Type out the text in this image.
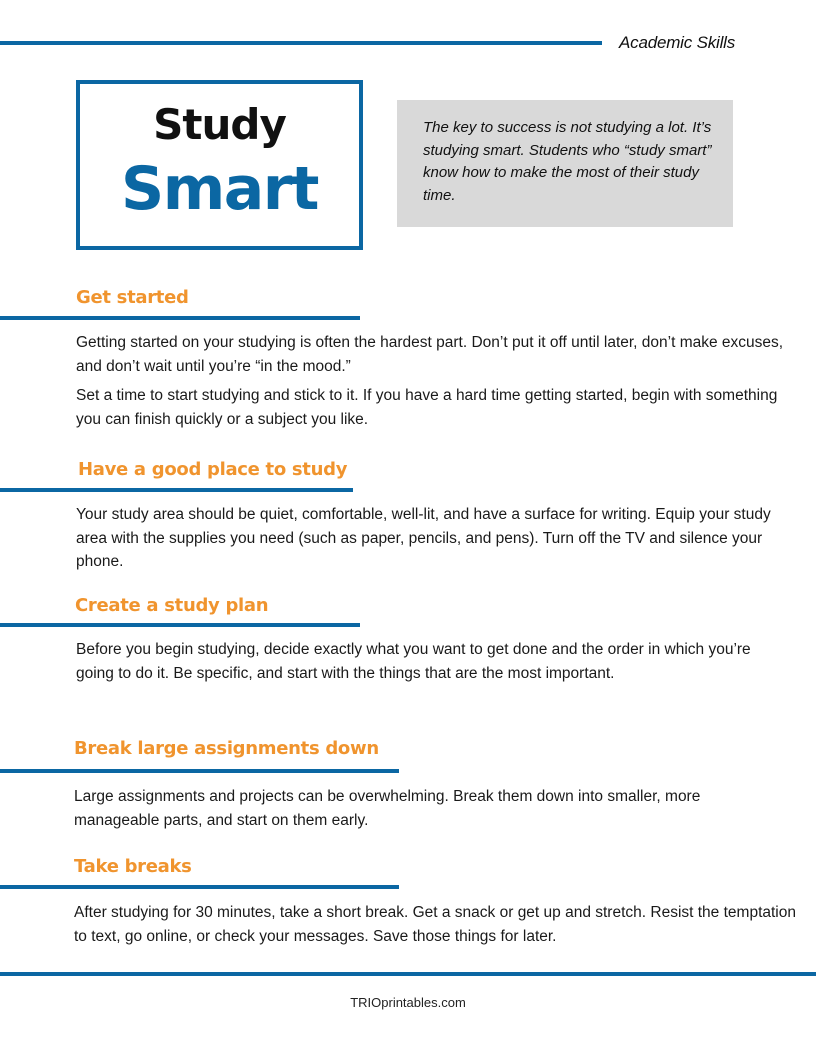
Academic Skills
Study
Smart
The key to success is not studying a lot. It’s studying smart. Students who “study smart” know how to make the most of their study time.
Get started

Getting started on your studying is often the hardest part. Don’t put it off until later, don’t make excuses, and don’t wait until you’re “in the mood.”

Set a time to start studying and stick to it. If you have a hard time getting started, begin with something you can finish quickly or a subject you like.

Have a good place to study

Your study area should be quiet, comfortable, well-lit, and have a surface for writing. Equip your study area with the supplies you need (such as paper, pencils, and pens). Turn off the TV and silence your phone.

Create a study plan

Before you begin studying, decide exactly what you want to get done and the order in which you’re going to do it. Be specific, and start with the things that are the most important.

Break large assignments down

Large assignments and projects can be overwhelming. Break them down into smaller, more manageable parts, and start on them early.

Take breaks

After studying for 30 minutes, take a short break. Get a snack or get up and stretch. Resist the temptation to text, go online, or check your messages. Save those things for later.

TRIOprintables.com
